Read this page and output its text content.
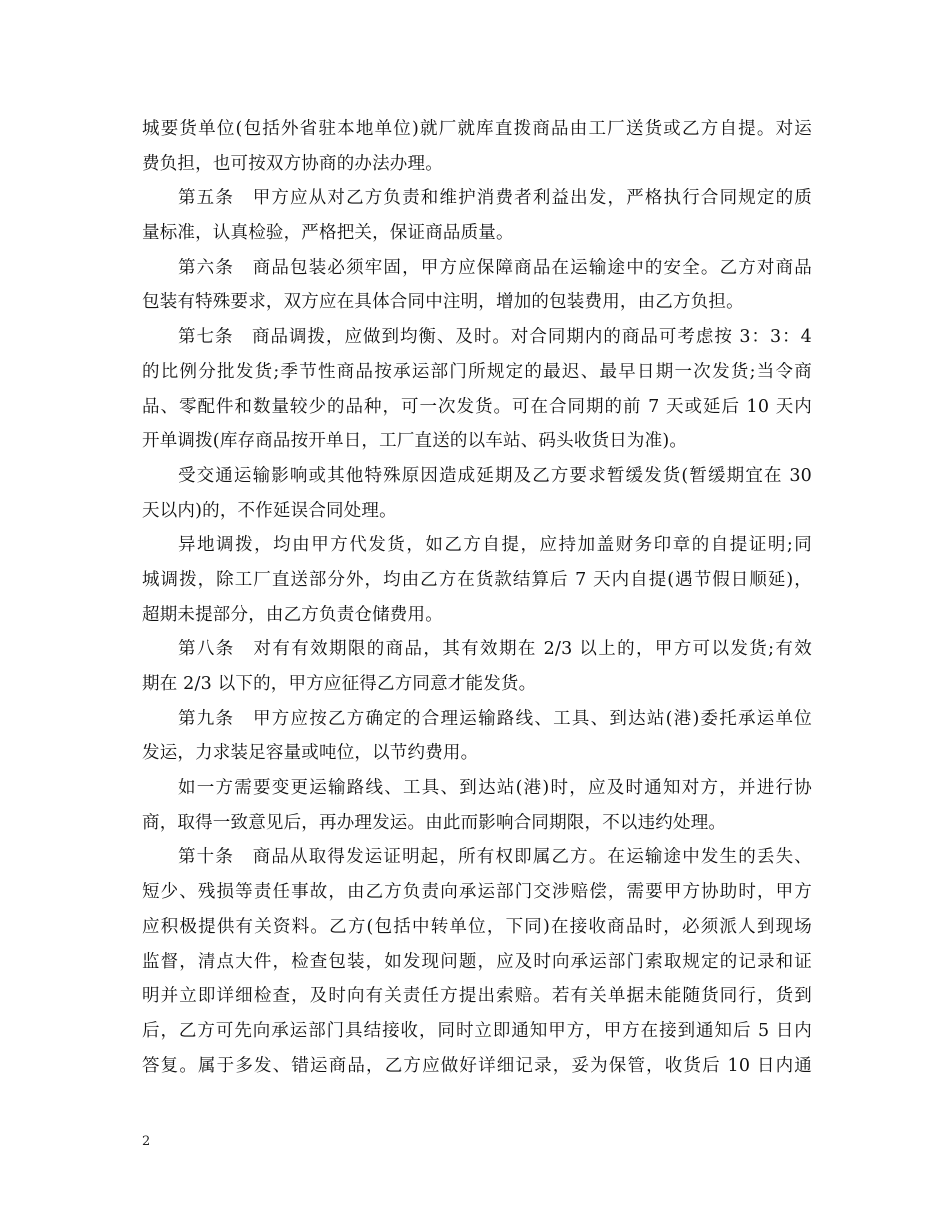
城要货单位(包括外省驻本地单位)就厂就库直拨商品由工厂送货或乙方自提。对运
费负担，也可按双方协商的办法办理。
第五条　甲方应从对乙方负责和维护消费者利益出发，严格执行合同规定的质
量标准，认真检验，严格把关，保证商品质量。
第六条　商品包装必须牢固，甲方应保障商品在运输途中的安全。乙方对商品
包装有特殊要求，双方应在具体合同中注明，增加的包装费用，由乙方负担。
第七条　商品调拨，应做到均衡、及时。对合同期内的商品可考虑按 3：3：4
的比例分批发货;季节性商品按承运部门所规定的最迟、最早日期一次发货;当令商
品、零配件和数量较少的品种，可一次发货。可在合同期的前 7 天或延后 10 天内
开单调拨(库存商品按开单日，工厂直送的以车站、码头收货日为准)。
受交通运输影响或其他特殊原因造成延期及乙方要求暂缓发货(暂缓期宜在 30
天以内)的，不作延误合同处理。
异地调拨，均由甲方代发货，如乙方自提，应持加盖财务印章的自提证明;同
城调拨，除工厂直送部分外，均由乙方在货款结算后 7 天内自提(遇节假日顺延)，
超期未提部分，由乙方负责仓储费用。
第八条　对有有效期限的商品，其有效期在 2/3 以上的，甲方可以发货;有效
期在 2/3 以下的，甲方应征得乙方同意才能发货。
第九条　甲方应按乙方确定的合理运输路线、工具、到达站(港)委托承运单位
发运，力求装足容量或吨位，以节约费用。
如一方需要变更运输路线、工具、到达站(港)时，应及时通知对方，并进行协
商，取得一致意见后，再办理发运。由此而影响合同期限，不以违约处理。
第十条　商品从取得发运证明起，所有权即属乙方。在运输途中发生的丢失、
短少、残损等责任事故，由乙方负责向承运部门交涉赔偿，需要甲方协助时，甲方
应积极提供有关资料。乙方(包括中转单位，下同)在接收商品时，必须派人到现场
监督，清点大件，检查包装，如发现问题，应及时向承运部门索取规定的记录和证
明并立即详细检查，及时向有关责任方提出索赔。若有关单据未能随货同行，货到
后，乙方可先向承运部门具结接收，同时立即通知甲方，甲方在接到通知后 5 日内
答复。属于多发、错运商品，乙方应做好详细记录，妥为保管，收货后 10 日内通
2
